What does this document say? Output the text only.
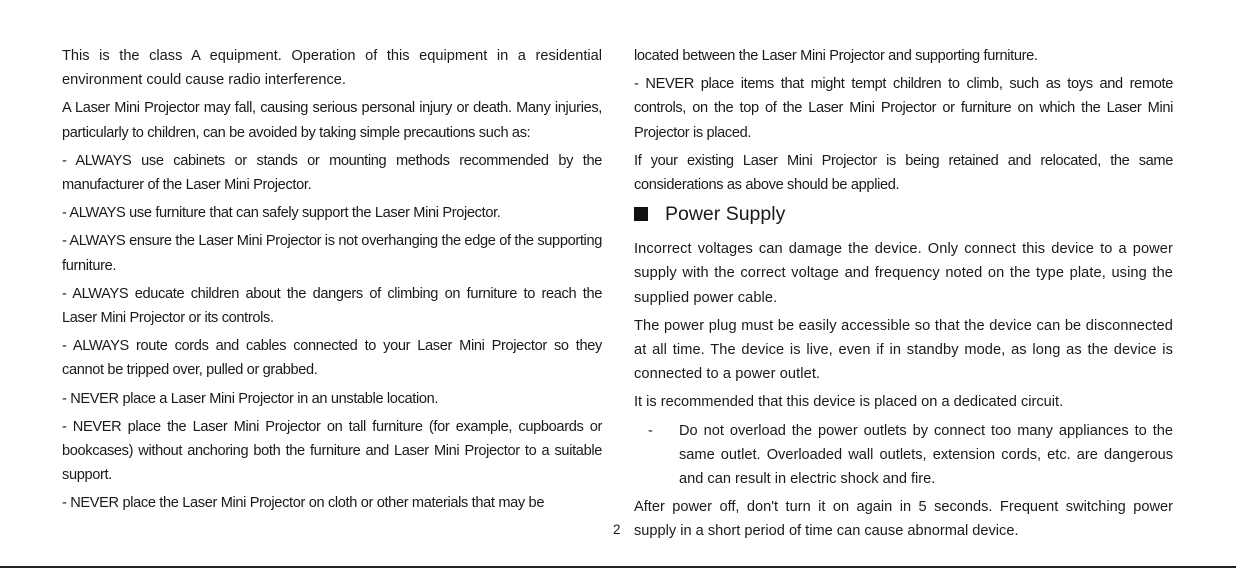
This is the class A equipment. Operation of this equipment in a residential environment could cause radio interference.

A Laser Mini Projector may fall, causing serious personal injury or death. Many injuries, particularly to children, can be avoided by taking simple precautions such as:

- ALWAYS use cabinets or stands or mounting methods recommended by the manufacturer of the Laser Mini Projector.

- ALWAYS use furniture that can safely support the Laser Mini Projector.

- ALWAYS ensure the Laser Mini Projector is not overhanging the edge of the supporting furniture.

- ALWAYS educate children about the dangers of climbing on furniture to reach the Laser Mini Projector or its controls.

- ALWAYS route cords and cables connected to your Laser Mini Projector so they cannot be tripped over, pulled or grabbed.

- NEVER place a Laser Mini Projector in an unstable location.

- NEVER place the Laser Mini Projector on tall furniture (for example, cupboards or bookcases) without anchoring both the furniture and Laser Mini Projector to a suitable support.

- NEVER place the Laser Mini Projector on cloth or other materials that may be

located between the Laser Mini Projector and supporting furniture.

- NEVER place items that might tempt children to climb, such as toys and remote controls, on the top of the Laser Mini Projector or furniture on which the Laser Mini Projector is placed.

If your existing Laser Mini Projector is being retained and relocated, the same considerations as above should be applied.

Power Supply

Incorrect voltages can damage the device. Only connect this device to a power supply with the correct voltage and frequency noted on the type plate, using the supplied power cable.

The power plug must be easily accessible so that the device can be disconnected at all time. The device is live, even if in standby mode, as long as the device is connected to a power outlet.

It is recommended that this device is placed on a dedicated circuit.

-	Do not overload the power outlets by connect too many appliances to the same outlet. Overloaded wall outlets, extension cords, etc. are dangerous and can result in electric shock and fire.

After power off, don't turn it on again in 5 seconds. Frequent switching power supply in a short period of time can cause abnormal device.

2
